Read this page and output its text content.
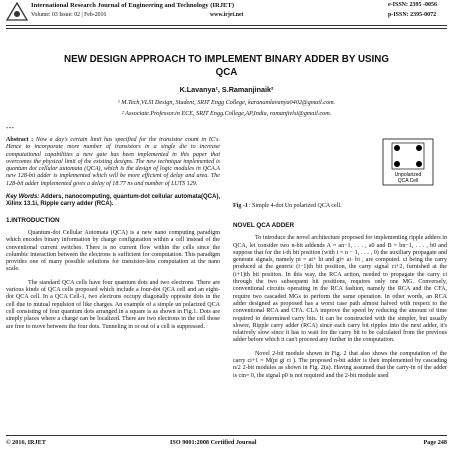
International Research Journal of Engineering and Technology (IRJET)
Volume: 03 Issue: 02 | Feb-2016	www.irjet.net
e-ISSN: 2395 -0056
p-ISSN: 2395-0072
NEW DESIGN APPROACH TO IMPLEMENT BINARY ADDER BY USING
QCA
K.Lavanya¹, S.Ramanjinaik²
¹ M.Tech,VLSI Design, Student, SRIT Engg College, karanamlavanya0402@gmail.com.
² Associate.Professor.in ECE, SRIT Engg.College,AP,India, ramanjivlsi@gmail.com.
***
Abstract : Now a day's certain limit has specified for the transistor count in IC's. Hence to incorporate more number of transistors in a single die to increase computational capabilities a new gate has been implemented in this paper that overcomes the physical limit of the existing designs. The new technique implemented is quantum dot cellular automata (QCA), which is the design of logic modules in QCA.A new 128-bit adder is implemented which will be more efficient of delay and area. The 128-bit adder implemented gives a delay of 18.77 ns and number of LUTS 129.
Key Words: Adders, nanocomputing, quantum-dot cellular automata(QCA), Xilinx 13.1i, Ripple carry adder (RCA).
1.INTRODUCTION
Quantum-dot Cellular Automata (QCA) is a new nano computing paradigm which encodes binary information by charge configuration within a cell instead of the conventional current switches. There is no current flow within the cells since the columbic interaction between the electrons is sufficient for computation. This paradigm provides one of many possible solutions for transistor-less computation at the nano scale.
The standard QCA cells have four quantum dots and two electrons. There are various kinds of QCA cells proposed which include a four-dot QCA cell and an eight-dot QCA cell. In a QCA Cell-1, two electrons occupy diagonally opposite dots in the cell due to mutual repulsion of like charges. An example of a simple un polarized QCA cell consisting of four quantum dots arranged in a square is as shown in Fig.1. Dots are simply places where a charge can be localized. There are two electrons in the cell those are free to move between the four dots. Tunneling in or out of a cell is suppressed.
Unpolarized
QCA Cell
Fig -1 : Simple 4-dot Un polarized QCA cell.
NOVEL QCA ADDER
To introduce the novel architecture proposed for implementing ripple adders in QCA, let consider two n-bit addends A = an−1, . . . , a0 and B = bn−1, . . . , b0 and suppose that for the i-th bit position (with i = n − 1, . . . , 0) the auxiliary propagate and generate signals, namely pi = ai+ bi and gi= ai· bi , are computed. ci being the carry produced at the generic (i−1)th bit position, the carry signal ci+2, furnished at the (i+1)th bit position. In this way, the RCA action, needed to propagate the carry ci through the two subsequent bit positions, requires only one MG. Conversely, conventional circuits operating in the RCA fashion, namely the RCA and the CFA, require two cascaded MGs to perform the same operation. In other words, an RCA adder designed as proposed has a worst case path almost halved with respect to the conventional RCA and CFA. CLA improve the speed by reducing the amount of time required to determined carry bits. It can be constructed with the simpler, but usually slower, Ripple carry adder (RCA) since each carry bit ripples into the next adder, it's relatively slow since it has to wait for the carry bit to be calculated from the previous adder before which it can't proceed any further in the computation.
Novel 2-bit module shown in Fig. 2 that also shows the computation of the carry ci+1 = M(pi gi ci ). The proposed n-bit adder is then implemented by cascading n/2 2-bit modules as shown in Fig. 2(a). Having assumed that the carry-in of the adder is cin= 0, the signal p0 is not required and the 2-bit module used
© 2016, IRJET	ISO 9001:2008 Certified Journal	Page 248
